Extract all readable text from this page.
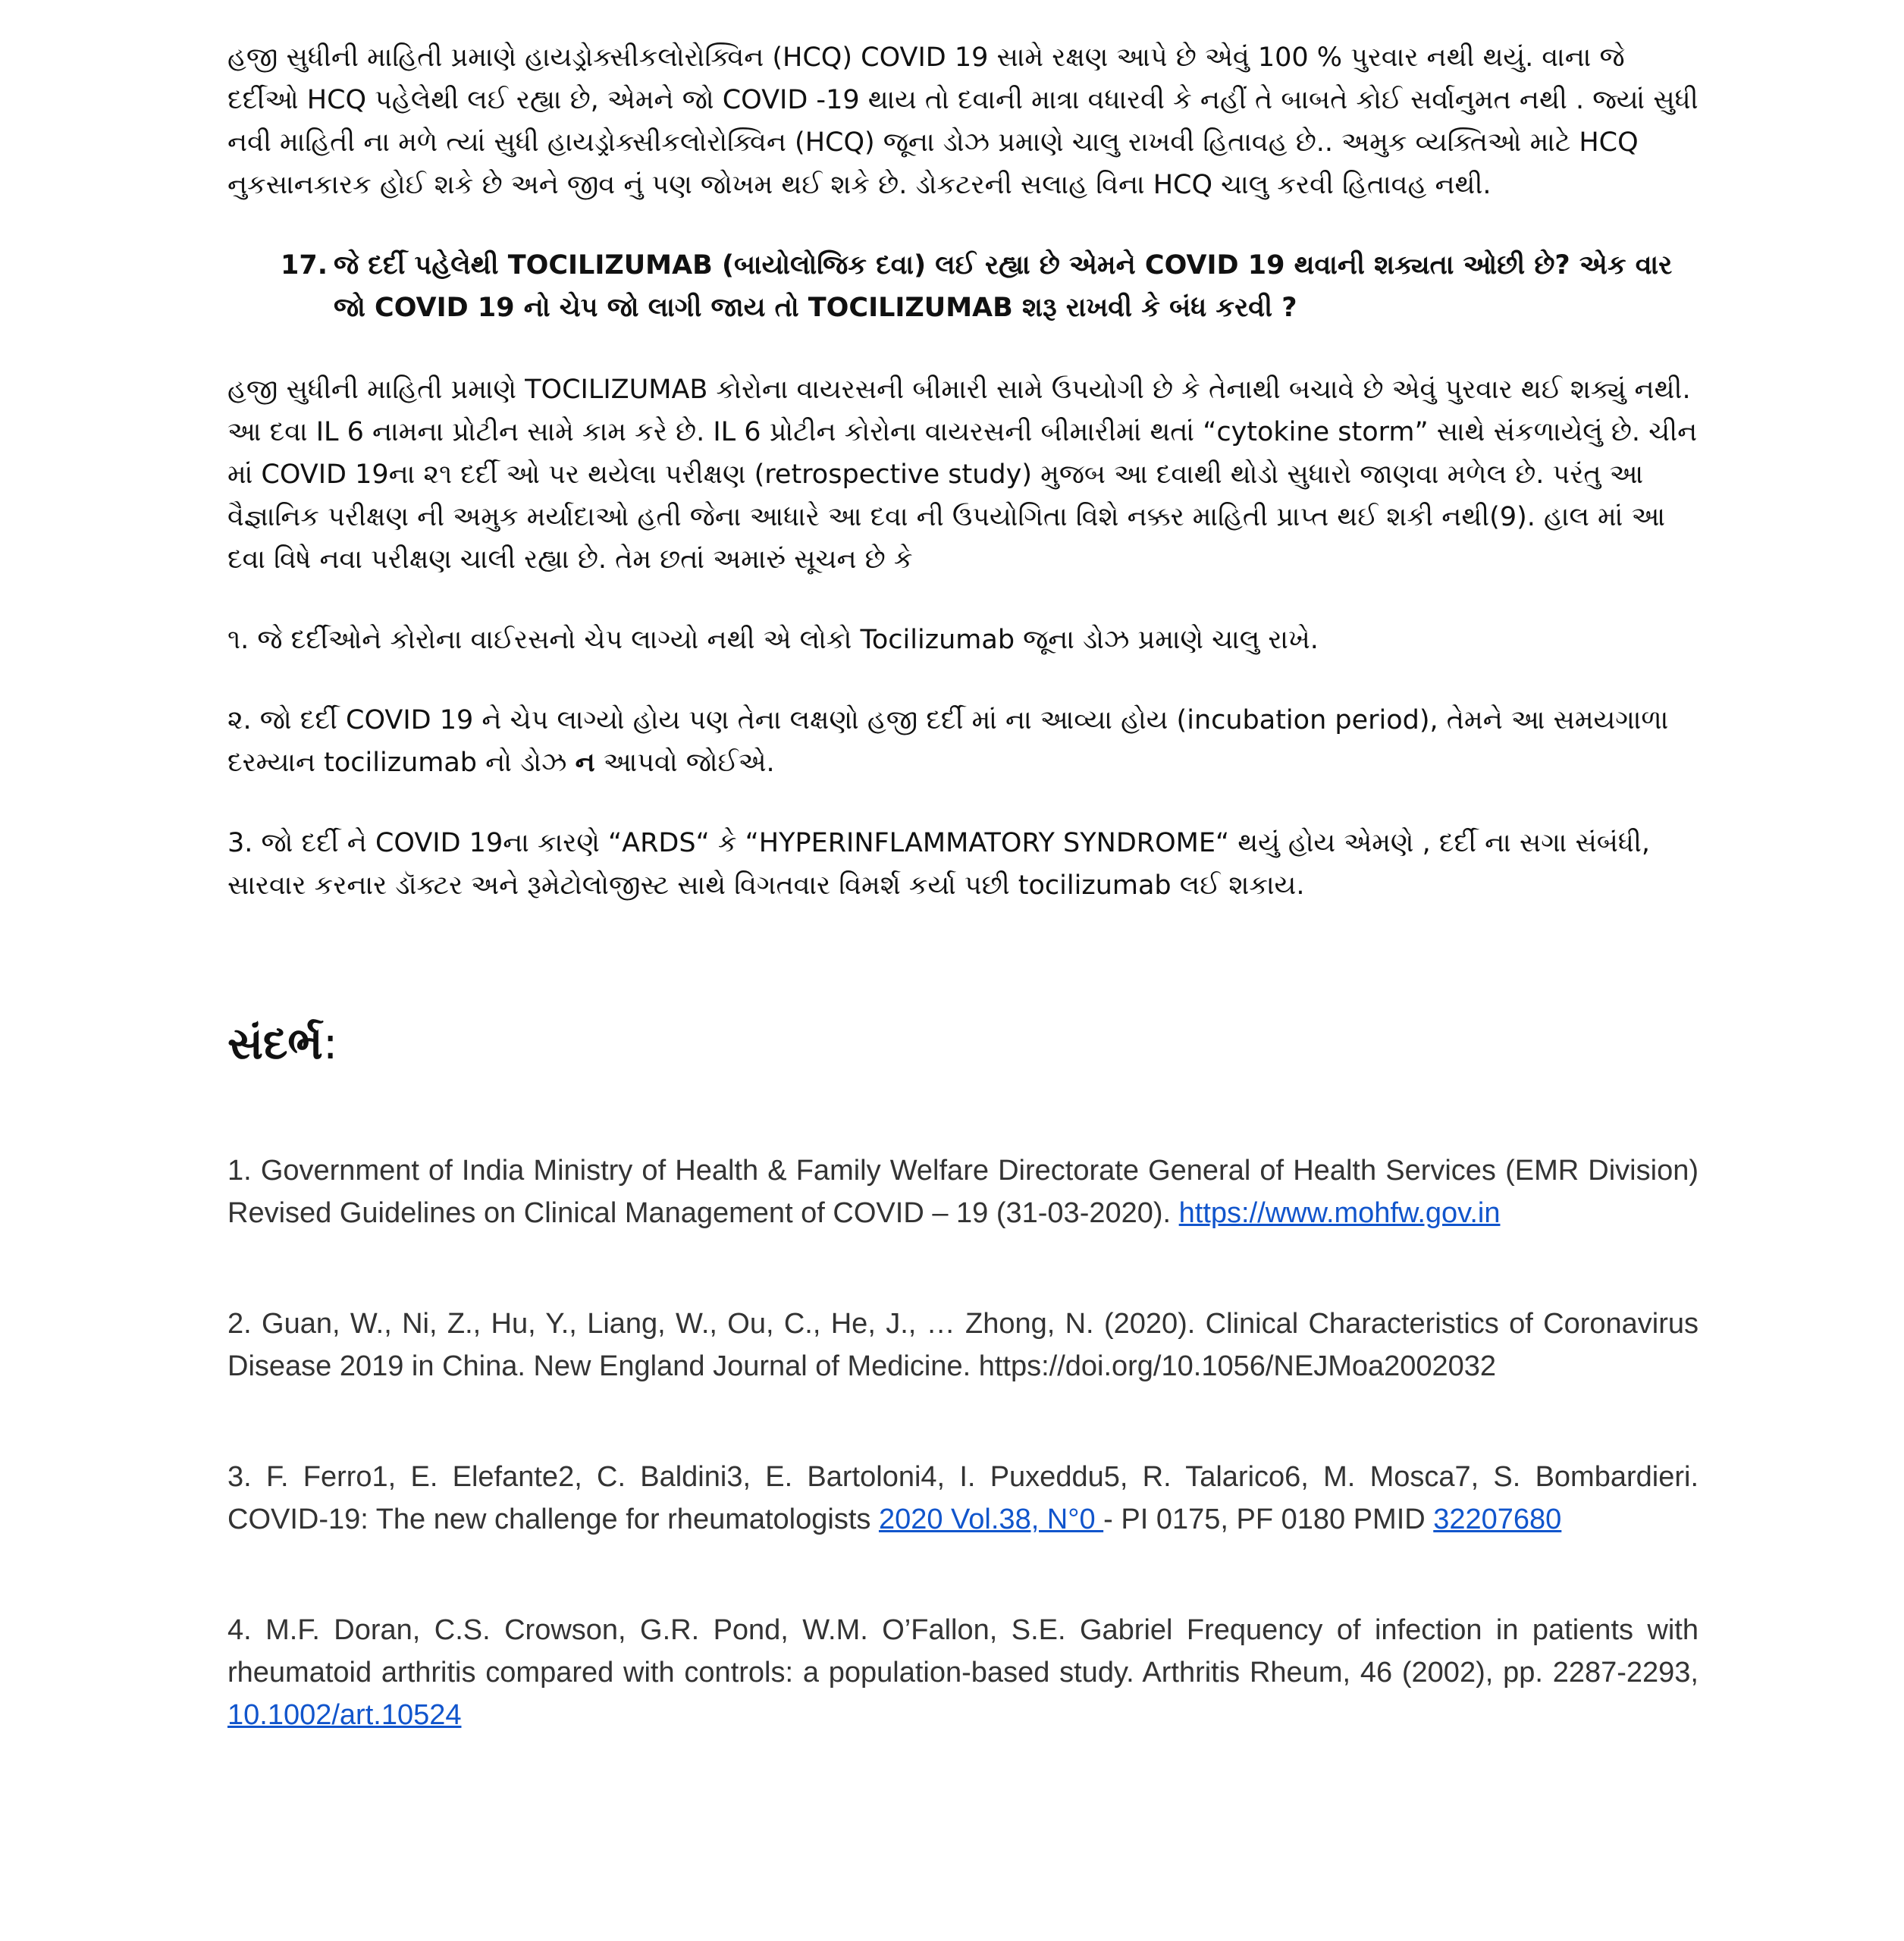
હજી સુધીની માહિતી પ્રમાણે હાયડ્રોક્સીકલોરોક્વિન (HCQ) COVID 19 સામે રક્ષણ આપે છે એવું 100 % પુરવાર નથી થયું. વાના જે દર્દીઓ HCQ પહેલેથી લઈ રહ્યા છે, એમને જો COVID -19 થાય તો દવાની માત્રા વધારવી કે નહીં તે બાબતે કોઈ સર્વાનુમત નથી . જ્યાં સુધી નવી માહિતી ના મળે ત્યાં સુધી હાયડ્રોક્સીકલોરોક્વિન (HCQ) જૂના ડોઝ પ્રમાણે ચાલુ રાખવી હિતાવહ છે.. અમુક વ્યક્તિઓ માટે HCQ નુકસાનકારક હોઈ શકે છે અને જીવ નું પણ જોખમ થઈ શકે છે. ડોકટરની સલાહ વિના HCQ ચાલુ કરવી હિતાવહ નથી.

17. જે દર્દી પહેલેથી TOCILIZUMAB (બાયોલોજિક દવા) લઈ રહ્યા છે એમને COVID 19 થવાની શક્યતા ઓછી છે? એક વાર જો COVID 19 નો ચેપ જો લાગી જાય તો TOCILIZUMAB શરૂ રાખવી કે બંધ કરવી ?

હજી સુધીની માહિતી પ્રમાણે TOCILIZUMAB કોરોના વાયરસની બીમારી સામે ઉપયોગી છે કે તેનાથી બચાવે છે એવું પુરવાર થઈ શક્યું નથી. આ દવા IL 6 નામના પ્રોટીન સામે કામ કરે છે. IL 6 પ્રોટીન કોરોના વાયરસની બીમારીમાં થતાં “cytokine storm” સાથે સંકળાયેલું છે. ચીન માં COVID 19ના ૨૧ દર્દી ઓ પર થયેલા પરીક્ષણ (retrospective study) મુજબ આ દવાથી થોડો સુધારો જાણવા મળેલ છે. પરંતુ આ વૈજ્ઞાનિક પરીક્ષણ ની અમુક મર્યાદાઓ હતી જેના આધારે આ દવા ની ઉપયોગિતા વિશે નક્કર માહિતી પ્રાપ્ત થઈ શકી નથી(9). હાલ માં આ દવા વિષે નવા પરીક્ષણ ચાલી રહ્યા છે. તેમ છતાં અમારું સૂચન છે કે

૧. જે દર્દીઓને કોરોના વાઈરસનો ચેપ લાગ્યો નથી એ લોકો Tocilizumab જૂના ડોઝ પ્રમાણે ચાલુ રાખે.

૨. જો દર્દી COVID 19 ને ચેપ લાગ્યો હોય પણ તેના લક્ષણો હજી દર્દી માં ના આવ્યા હોય (incubation period), તેમને આ સમયગાળા દરમ્યાન tocilizumab નો ડોઝ ન આપવો જોઈએ.

3. જો દર્દી ને COVID 19ના કારણે “ARDS“ કે “HYPERINFLAMMATORY SYNDROME“ થયું હોય એમણે , દર્દી ના સગા સંબંધી, સારવાર કરનાર ડૉક્ટર અને રૂમેટોલોજીસ્ટ સાથે વિગતવાર વિમર્શ કર્યા પછી tocilizumab લઈ શકાય.

સંદર્ભ:

1. Government of India Ministry of Health & Family Welfare Directorate General of Health Services (EMR Division) Revised Guidelines on Clinical Management of COVID – 19 (31-03-2020). https://www.mohfw.gov.in

2. Guan, W., Ni, Z., Hu, Y., Liang, W., Ou, C., He, J., … Zhong, N. (2020). Clinical Characteristics of Coronavirus Disease 2019 in China. New England Journal of Medicine. https://doi.org/10.1056/NEJMoa2002032

3. F. Ferro1, E. Elefante2, C. Baldini3, E. Bartoloni4, I. Puxeddu5, R. Talarico6, M. Mosca7, S. Bombardieri. COVID-19: The new challenge for rheumatologists 2020 Vol.38, N°0 - PI 0175, PF 0180 PMID 32207680

4. M.F. Doran, C.S. Crowson, G.R. Pond, W.M. O’Fallon, S.E. Gabriel Frequency of infection in patients with rheumatoid arthritis compared with controls: a population-based study. Arthritis Rheum, 46 (2002), pp. 2287-2293, 10.1002/art.10524
